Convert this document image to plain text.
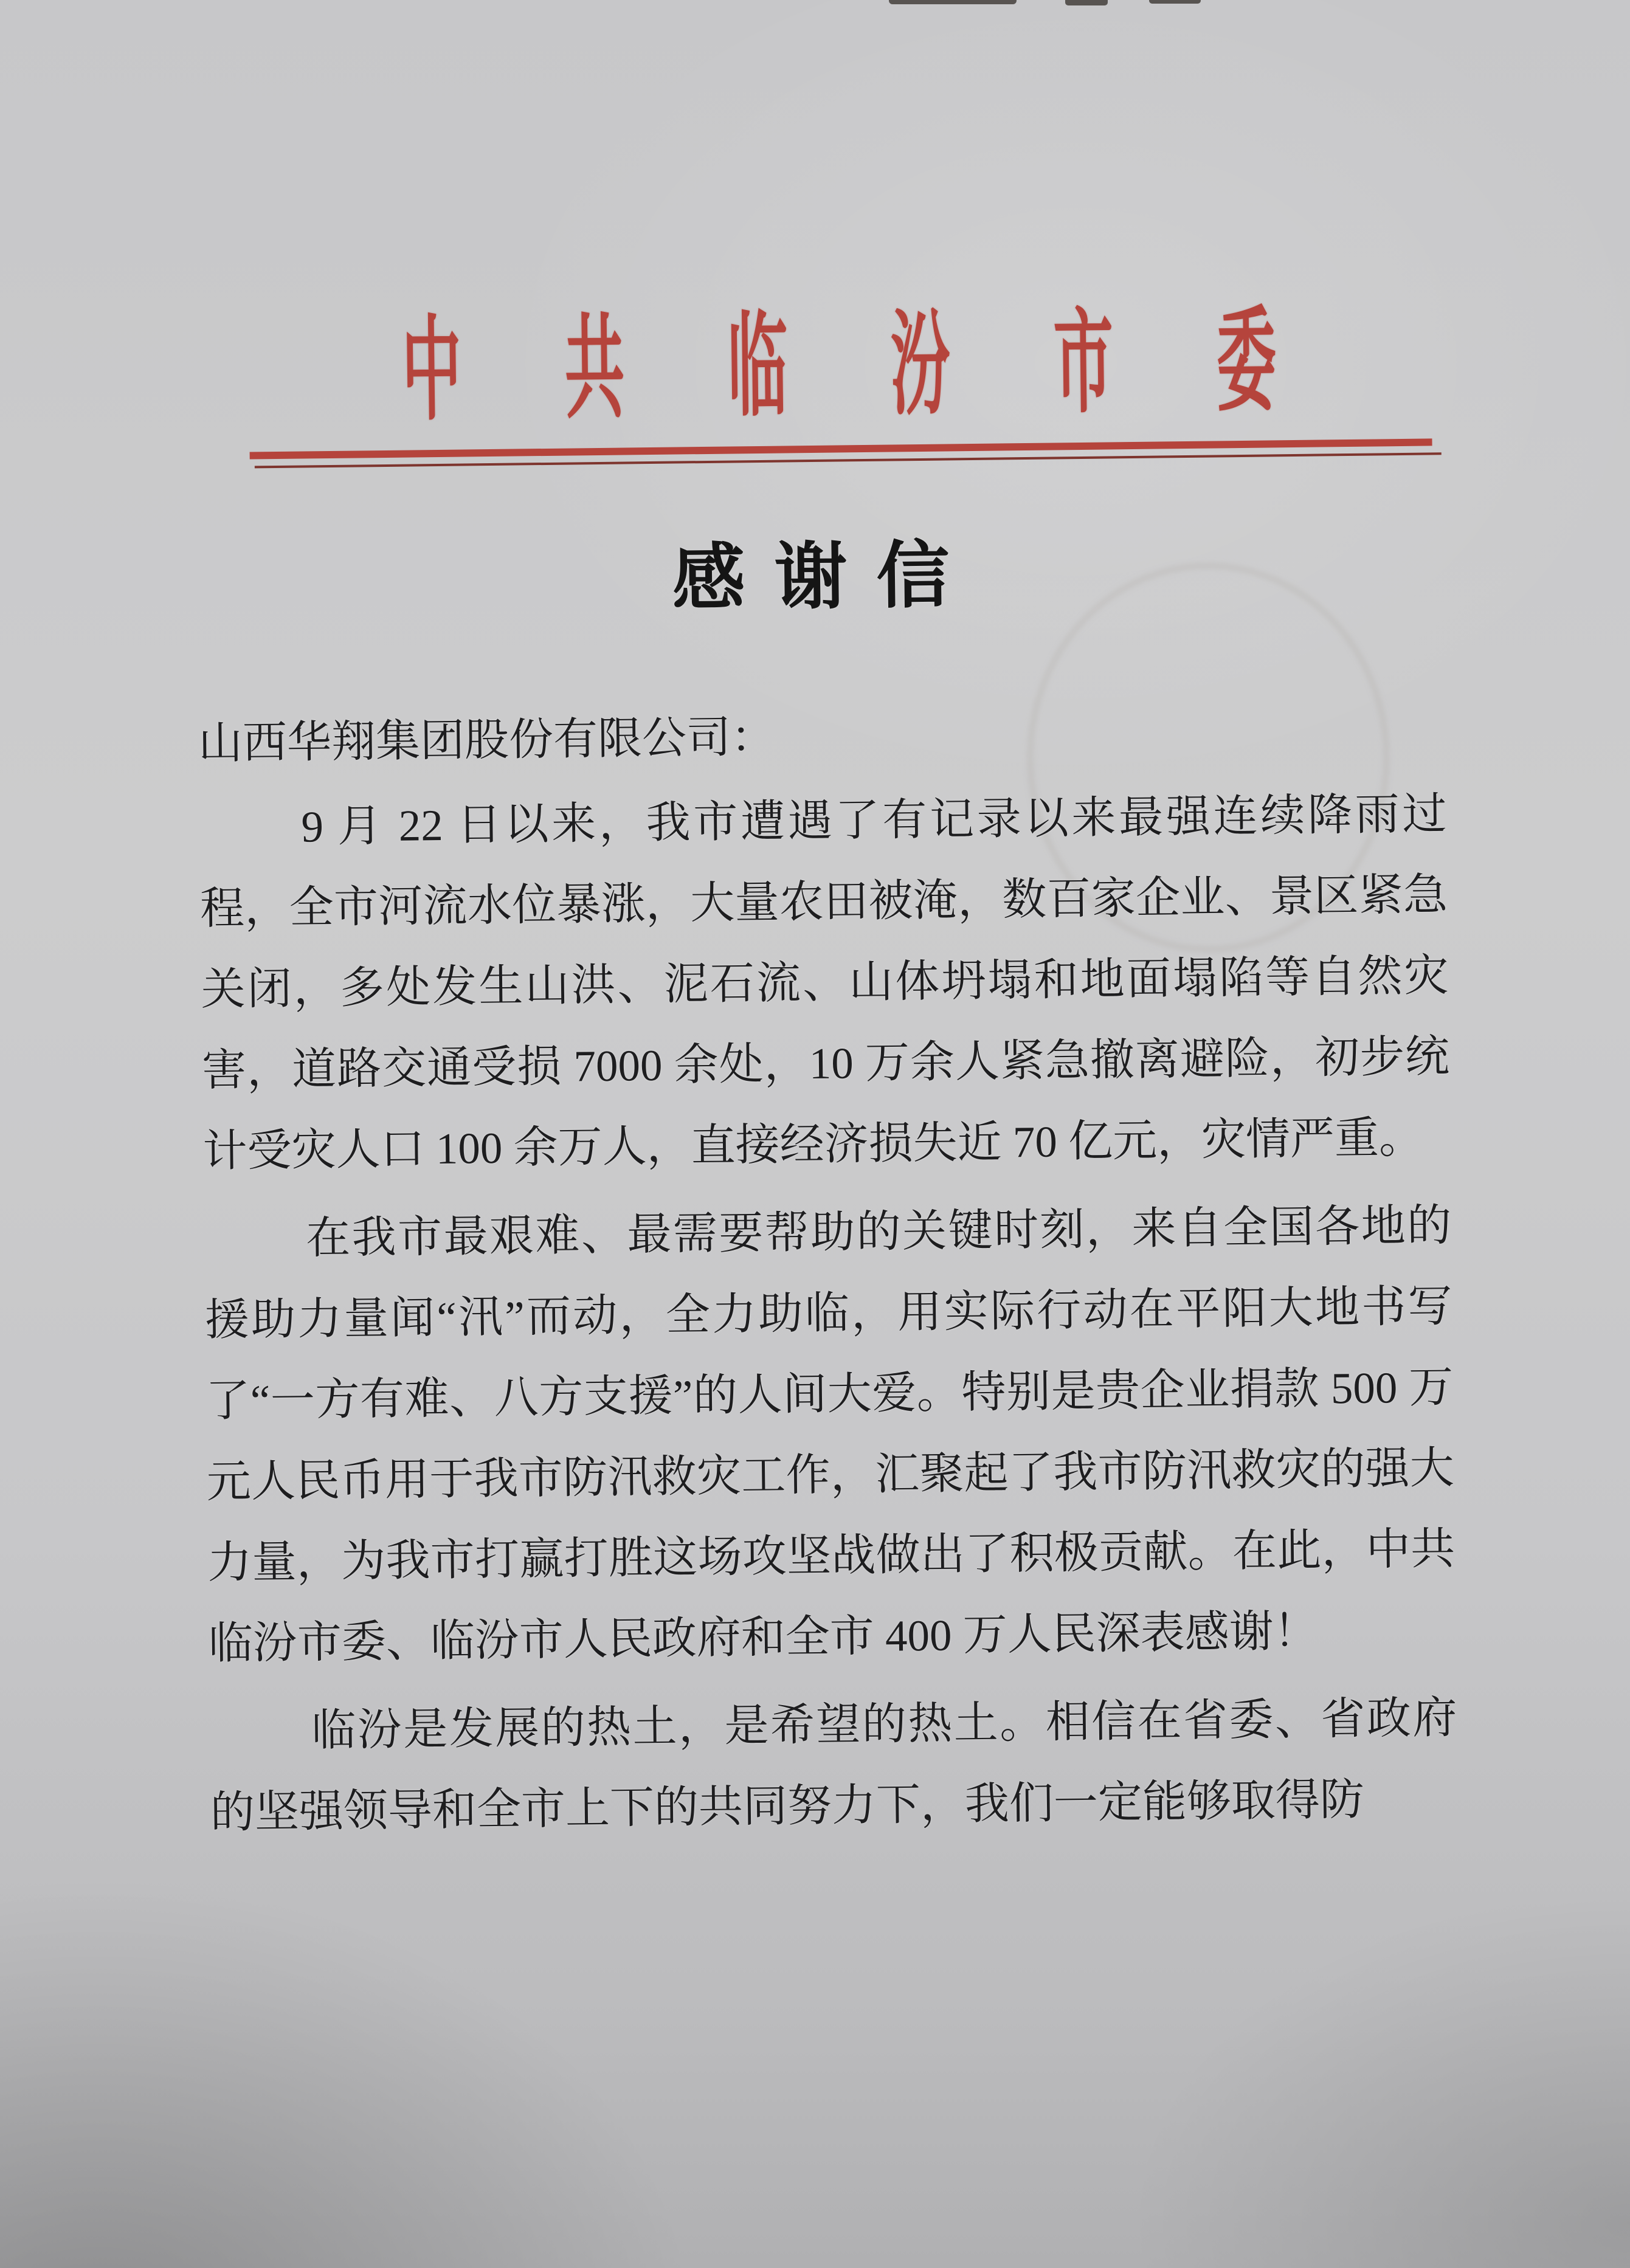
中共临汾市委
感谢信

山西华翔集团股份有限公司：

9 月 22 日以来，我市遭遇了有记录以来最强连续降雨过程，全市河流水位暴涨，大量农田被淹，数百家企业、景区紧急关闭，多处发生山洪、泥石流、山体坍塌和地面塌陷等自然灾害，道路交通受损 7000 余处，10 万余人紧急撤离避险，初步统计受灾人口 100 余万人，直接经济损失近 70 亿元，灾情严重。

在我市最艰难、最需要帮助的关键时刻，来自全国各地的援助力量闻“汛”而动，全力助临，用实际行动在平阳大地书写了“一方有难、八方支援”的人间大爱。特别是贵企业捐款 500 万元人民币用于我市防汛救灾工作，汇聚起了我市防汛救灾的强大力量，为我市打赢打胜这场攻坚战做出了积极贡献。在此，中共临汾市委、临汾市人民政府和全市 400 万人民深表感谢！

临汾是发展的热土，是希望的热土。相信在省委、省政府的坚强领导和全市上下的共同努力下，我们一定能够取得防
